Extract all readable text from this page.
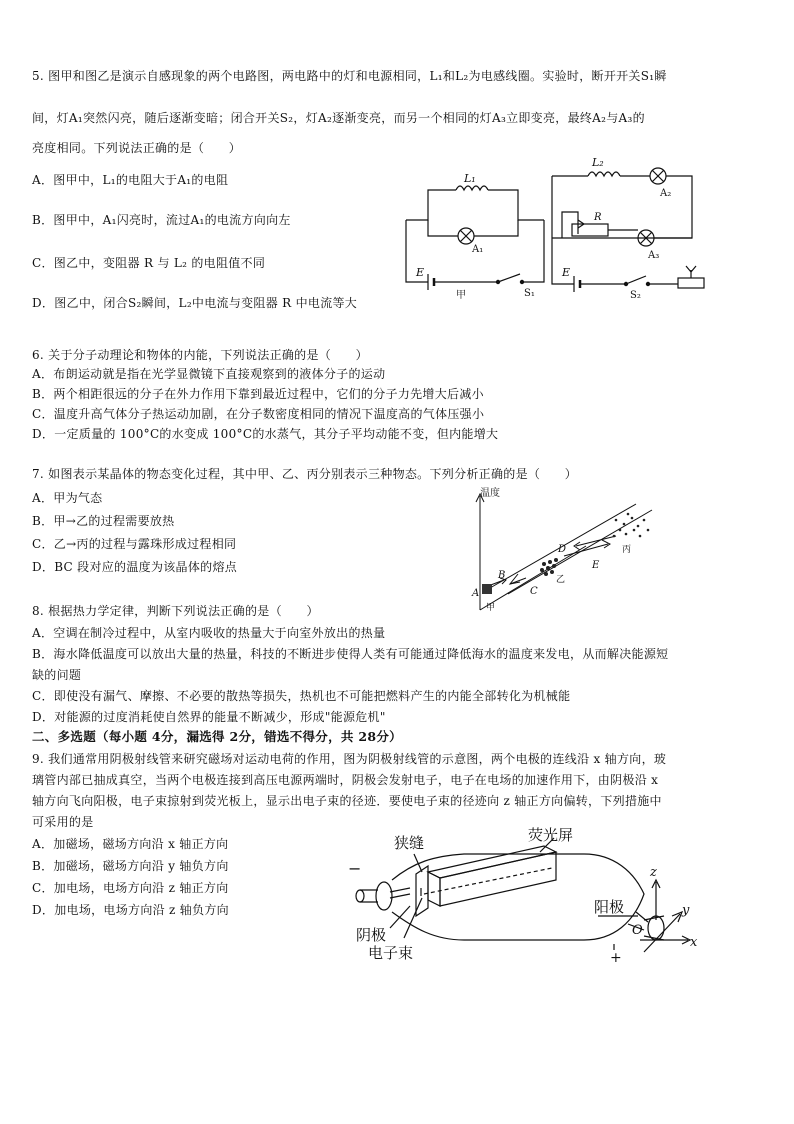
5. 图甲和图乙是演示自感现象的两个电路图，两电路中的灯和电源相同，L₁和L₂为电感线圈。实验时，断开开关S₁瞬
间，灯A₁突然闪亮，随后逐渐变暗；闭合开关S₂，灯A₂逐渐变亮，而另一个相同的灯A₃立即变亮，最终A₂与A₃的
亮度相同。下列说法正确的是（　　）
A．图甲中，L₁的电阻大于A₁的电阻
B．图甲中，A₁闪亮时，流过A₁的电流方向向左
C．图乙中，变阻器 R 与 L₂ 的电阻值不同
D．图乙中，闭合S₂瞬间，L₂中电流与变阻器 R 中电流等大
L₁
A₁
E
S₁
甲
L₂
A₂
R
A₃
E
S₂
6. 关于分子动理论和物体的内能，下列说法正确的是（　　）
A．布朗运动就是指在光学显微镜下直接观察到的液体分子的运动
B．两个相距很远的分子在外力作用下靠到最近过程中，它们的分子力先增大后减小
C．温度升高气体分子热运动加剧，在分子数密度相同的情况下温度高的气体压强小
D．一定质量的 100°C的水变成 100°C的水蒸气，其分子平均动能不变，但内能增大
7. 如图表示某晶体的物态变化过程，其中甲、乙、丙分别表示三种物态。下列分析正确的是（　　）
A．甲为气态
B．甲→乙的过程需要放热
C．乙→丙的过程与露珠形成过程相同
D．BC 段对应的温度为该晶体的熔点
温度
A
B
C
D
E
甲
乙
丙
8. 根据热力学定律，判断下列说法正确的是（　　）
A．空调在制冷过程中，从室内吸收的热量大于向室外放出的热量
B．海水降低温度可以放出大量的热量，科技的不断进步使得人类有可能通过降低海水的温度来发电，从而解决能源短
缺的问题
C．即使没有漏气、摩擦、不必要的散热等损失，热机也不可能把燃料产生的内能全部转化为机械能
D．对能源的过度消耗使自然界的能量不断减少，形成"能源危机"
二、多选题（每小题 4分，漏选得 2分，错选不得分，共 28分）
9. 我们通常用阴极射线管来研究磁场对运动电荷的作用，图为阴极射线管的示意图，两个电极的连线沿 x 轴方向，玻
璃管内部已抽成真空，当两个电极连接到高压电源两端时，阴极会发射电子，电子在电场的加速作用下，由阴极沿 x
轴方向飞向阳极，电子束掠射到荧光板上，显示出电子束的径迹．要使电子束的径迹向 z 轴正方向偏转，下列措施中
可采用的是
A．加磁场，磁场方向沿 x 轴正方向
B．加磁场，磁场方向沿 y 轴负方向
C．加电场，电场方向沿 z 轴正方向
D．加电场，电场方向沿 z 轴负方向
狭缝	荧光屏
−
阴极
电子束
阳极
+
O
x
y
z
